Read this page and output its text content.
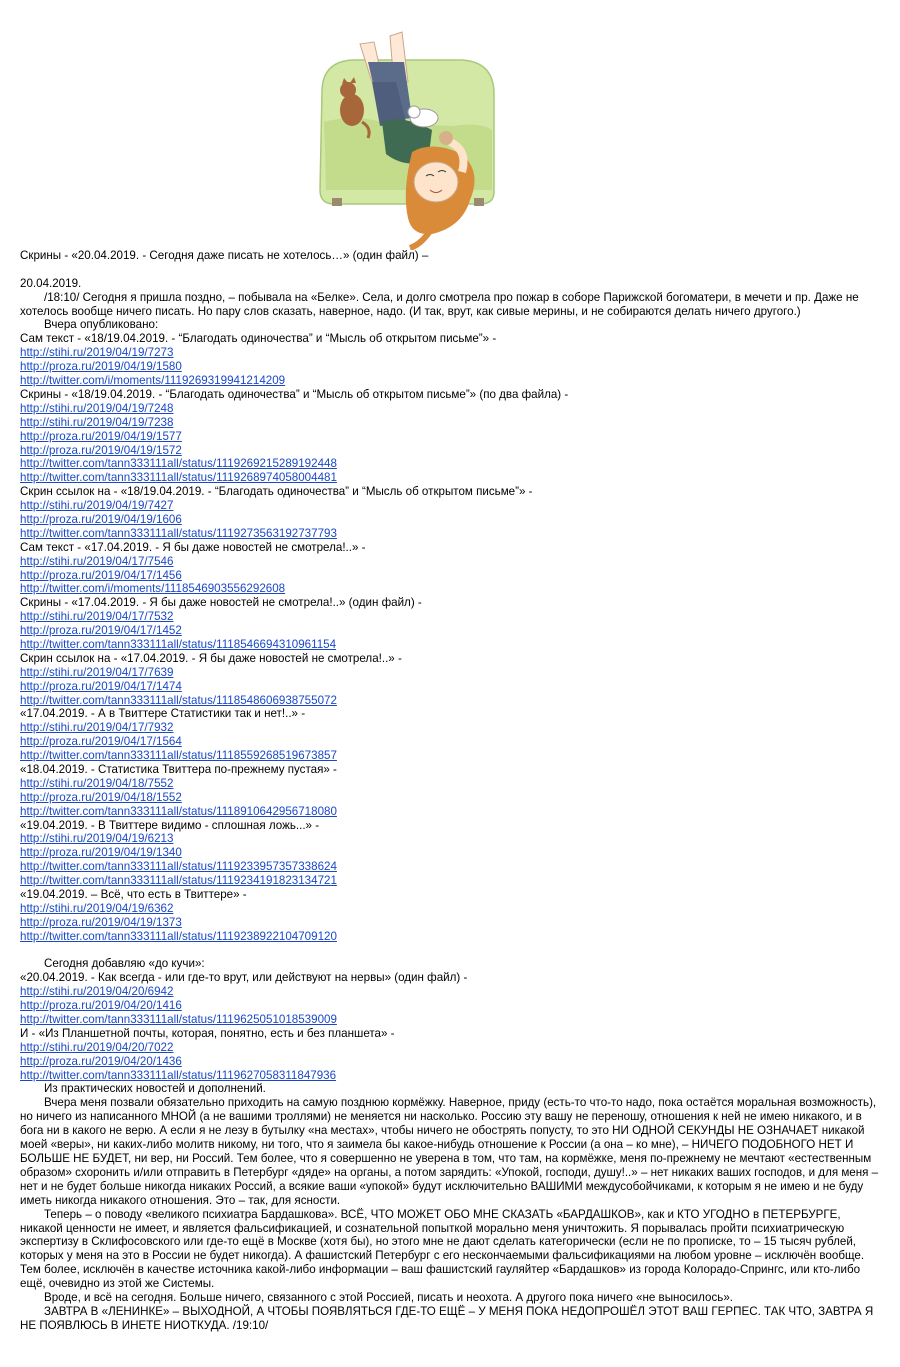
Скрины - «20.04.2019. - Сегодня даже писать не хотелось…» (один файл) –
20.04.2019.
/18:10/ Сегодня я пришла поздно, – побывала на «Белке». Села, и долго смотрела про пожар в соборе Парижской богоматери, в мечети и пр. Даже не хотелось вообще ничего писать. Но пару слов сказать, наверное, надо. (И так, врут, как сивые мерины, и не собираются делать ничего другого.)
Вчера опубликовано:
Сам текст - «18/19.04.2019. - “Благодать одиночества” и “Мысль об открытом письме”» -
http://stihi.ru/2019/04/19/7273
http://proza.ru/2019/04/19/1580
http://twitter.com/i/moments/1119269319941214209
Скрины - «18/19.04.2019. - “Благодать одиночества” и “Мысль об открытом письме”» (по два файла) -
http://stihi.ru/2019/04/19/7248
http://stihi.ru/2019/04/19/7238
http://proza.ru/2019/04/19/1577
http://proza.ru/2019/04/19/1572
http://twitter.com/tann333111all/status/1119269215289192448
http://twitter.com/tann333111all/status/1119268974058004481
Скрин ссылок на - «18/19.04.2019. - “Благодать одиночества” и “Мысль об открытом письме”» -
http://stihi.ru/2019/04/19/7427
http://proza.ru/2019/04/19/1606
http://twitter.com/tann333111all/status/1119273563192737793
Сам текст - «17.04.2019. - Я бы даже новостей не смотрела!..» -
http://stihi.ru/2019/04/17/7546
http://proza.ru/2019/04/17/1456
http://twitter.com/i/moments/1118546903556292608
Скрины - «17.04.2019. - Я бы даже новостей не смотрела!..» (один файл) -
http://stihi.ru/2019/04/17/7532
http://proza.ru/2019/04/17/1452
http://twitter.com/tann333111all/status/1118546694310961154
Скрин ссылок на - «17.04.2019. - Я бы даже новостей не смотрела!..» -
http://stihi.ru/2019/04/17/7639
http://proza.ru/2019/04/17/1474
http://twitter.com/tann333111all/status/1118548606938755072
«17.04.2019. - А в Твиттере Статистики так и нет!..» -
http://stihi.ru/2019/04/17/7932
http://proza.ru/2019/04/17/1564
http://twitter.com/tann333111all/status/1118559268519673857
«18.04.2019. - Статистика Твиттера по-прежнему пустая» -
http://stihi.ru/2019/04/18/7552
http://proza.ru/2019/04/18/1552
http://twitter.com/tann333111all/status/1118910642956718080
«19.04.2019. - В Твиттере видимо - сплошная ложь...» -
http://stihi.ru/2019/04/19/6213
http://proza.ru/2019/04/19/1340
http://twitter.com/tann333111all/status/1119233957357338624
http://twitter.com/tann333111all/status/1119234191823134721
«19.04.2019. – Всё, что есть в Твиттере» -
http://stihi.ru/2019/04/19/6362
http://proza.ru/2019/04/19/1373
http://twitter.com/tann333111all/status/1119238922104709120
Сегодня добавляю «до кучи»:
«20.04.2019. - Как всегда - или где-то врут, или действуют на нервы» (один файл) -
http://stihi.ru/2019/04/20/6942
http://proza.ru/2019/04/20/1416
http://twitter.com/tann333111all/status/1119625051018539009
И - «Из Планшетной почты, которая, понятно, есть и без планшета» -
http://stihi.ru/2019/04/20/7022
http://proza.ru/2019/04/20/1436
http://twitter.com/tann333111all/status/1119627058311847936
Из практических новостей и дополнений.
Вчера меня позвали обязательно приходить на самую позднюю кормёжку. Наверное, приду (есть-то что-то надо, пока остаётся моральная возможность), но ничего из написанного МНОЙ (а не вашими троллями) не меняется ни насколько. Россию эту вашу не переношу, отношения к ней не имею никакого, и в бога ни в какого не верю. А если я не лезу в бутылку «на местах», чтобы ничего не обострять попусту, то это НИ ОДНОЙ СЕКУНДЫ НЕ ОЗНАЧАЕТ никакой моей «веры», ни каких-либо молитв никому, ни того, что я заимела бы какое-нибудь отношение к России (а она – ко мне), – НИЧЕГО ПОДОБНОГО НЕТ И БОЛЬШЕ НЕ БУДЕТ, ни вер, ни Россий. Тем более, что я совершенно не уверена в том, что там, на кормёжке, меня по-прежнему не мечтают «естественным образом» схоронить и/или отправить в Петербург «дяде» на органы, а потом зарядить: «Упокой, господи, душу!..» – нет никаких ваших господов, и для меня – нет и не будет больше никогда никаких Россий, а всякие ваши «упокой» будут исключительно ВАШИМИ междусобойчиками, к которым я не имею и не буду иметь никогда никакого отношения. Это – так, для ясности.
Теперь – о поводу «великого психиатра Бардашкова». ВСЁ, ЧТО МОЖЕТ ОБО МНЕ СКАЗАТЬ «БАРДАШКОВ», как и КТО УГОДНО в ПЕТЕРБУРГЕ, никакой ценности не имеет, и является фальсификацией, и сознательной попыткой морально меня уничтожить. Я порывалась пройти психиатрическую экспертизу в Склифосовского или где-то ещё в Москве (хотя бы), но этого мне не дают сделать категорически (если не по прописке, то – 15 тысяч рублей, которых у меня на это в России не будет никогда). А фашистский Петербург с его нескончаемыми фальсификациями на любом уровне – исключён вообще. Тем более, исключён в качестве источника какой-либо информации – ваш фашистский гауляйтер «Бардашков» из города Колорадо-Спрингс, или кто-либо ещё, очевидно из этой же Системы.
Вроде, и всё на сегодня. Больше ничего, связанного с этой Россией, писать и неохота. А другого пока ничего «не выносилось».
ЗАВТРА В «ЛЕНИНКЕ» – ВЫХОДНОЙ, А ЧТОБЫ ПОЯВЛЯТЬСЯ ГДЕ-ТО ЕЩЁ – У МЕНЯ ПОКА НЕДОПРОШЁЛ ЭТОТ ВАШ ГЕРПЕС. ТАК ЧТО, ЗАВТРА Я НЕ ПОЯВЛЮСЬ В ИНЕТЕ НИОТКУДА. /19:10/
